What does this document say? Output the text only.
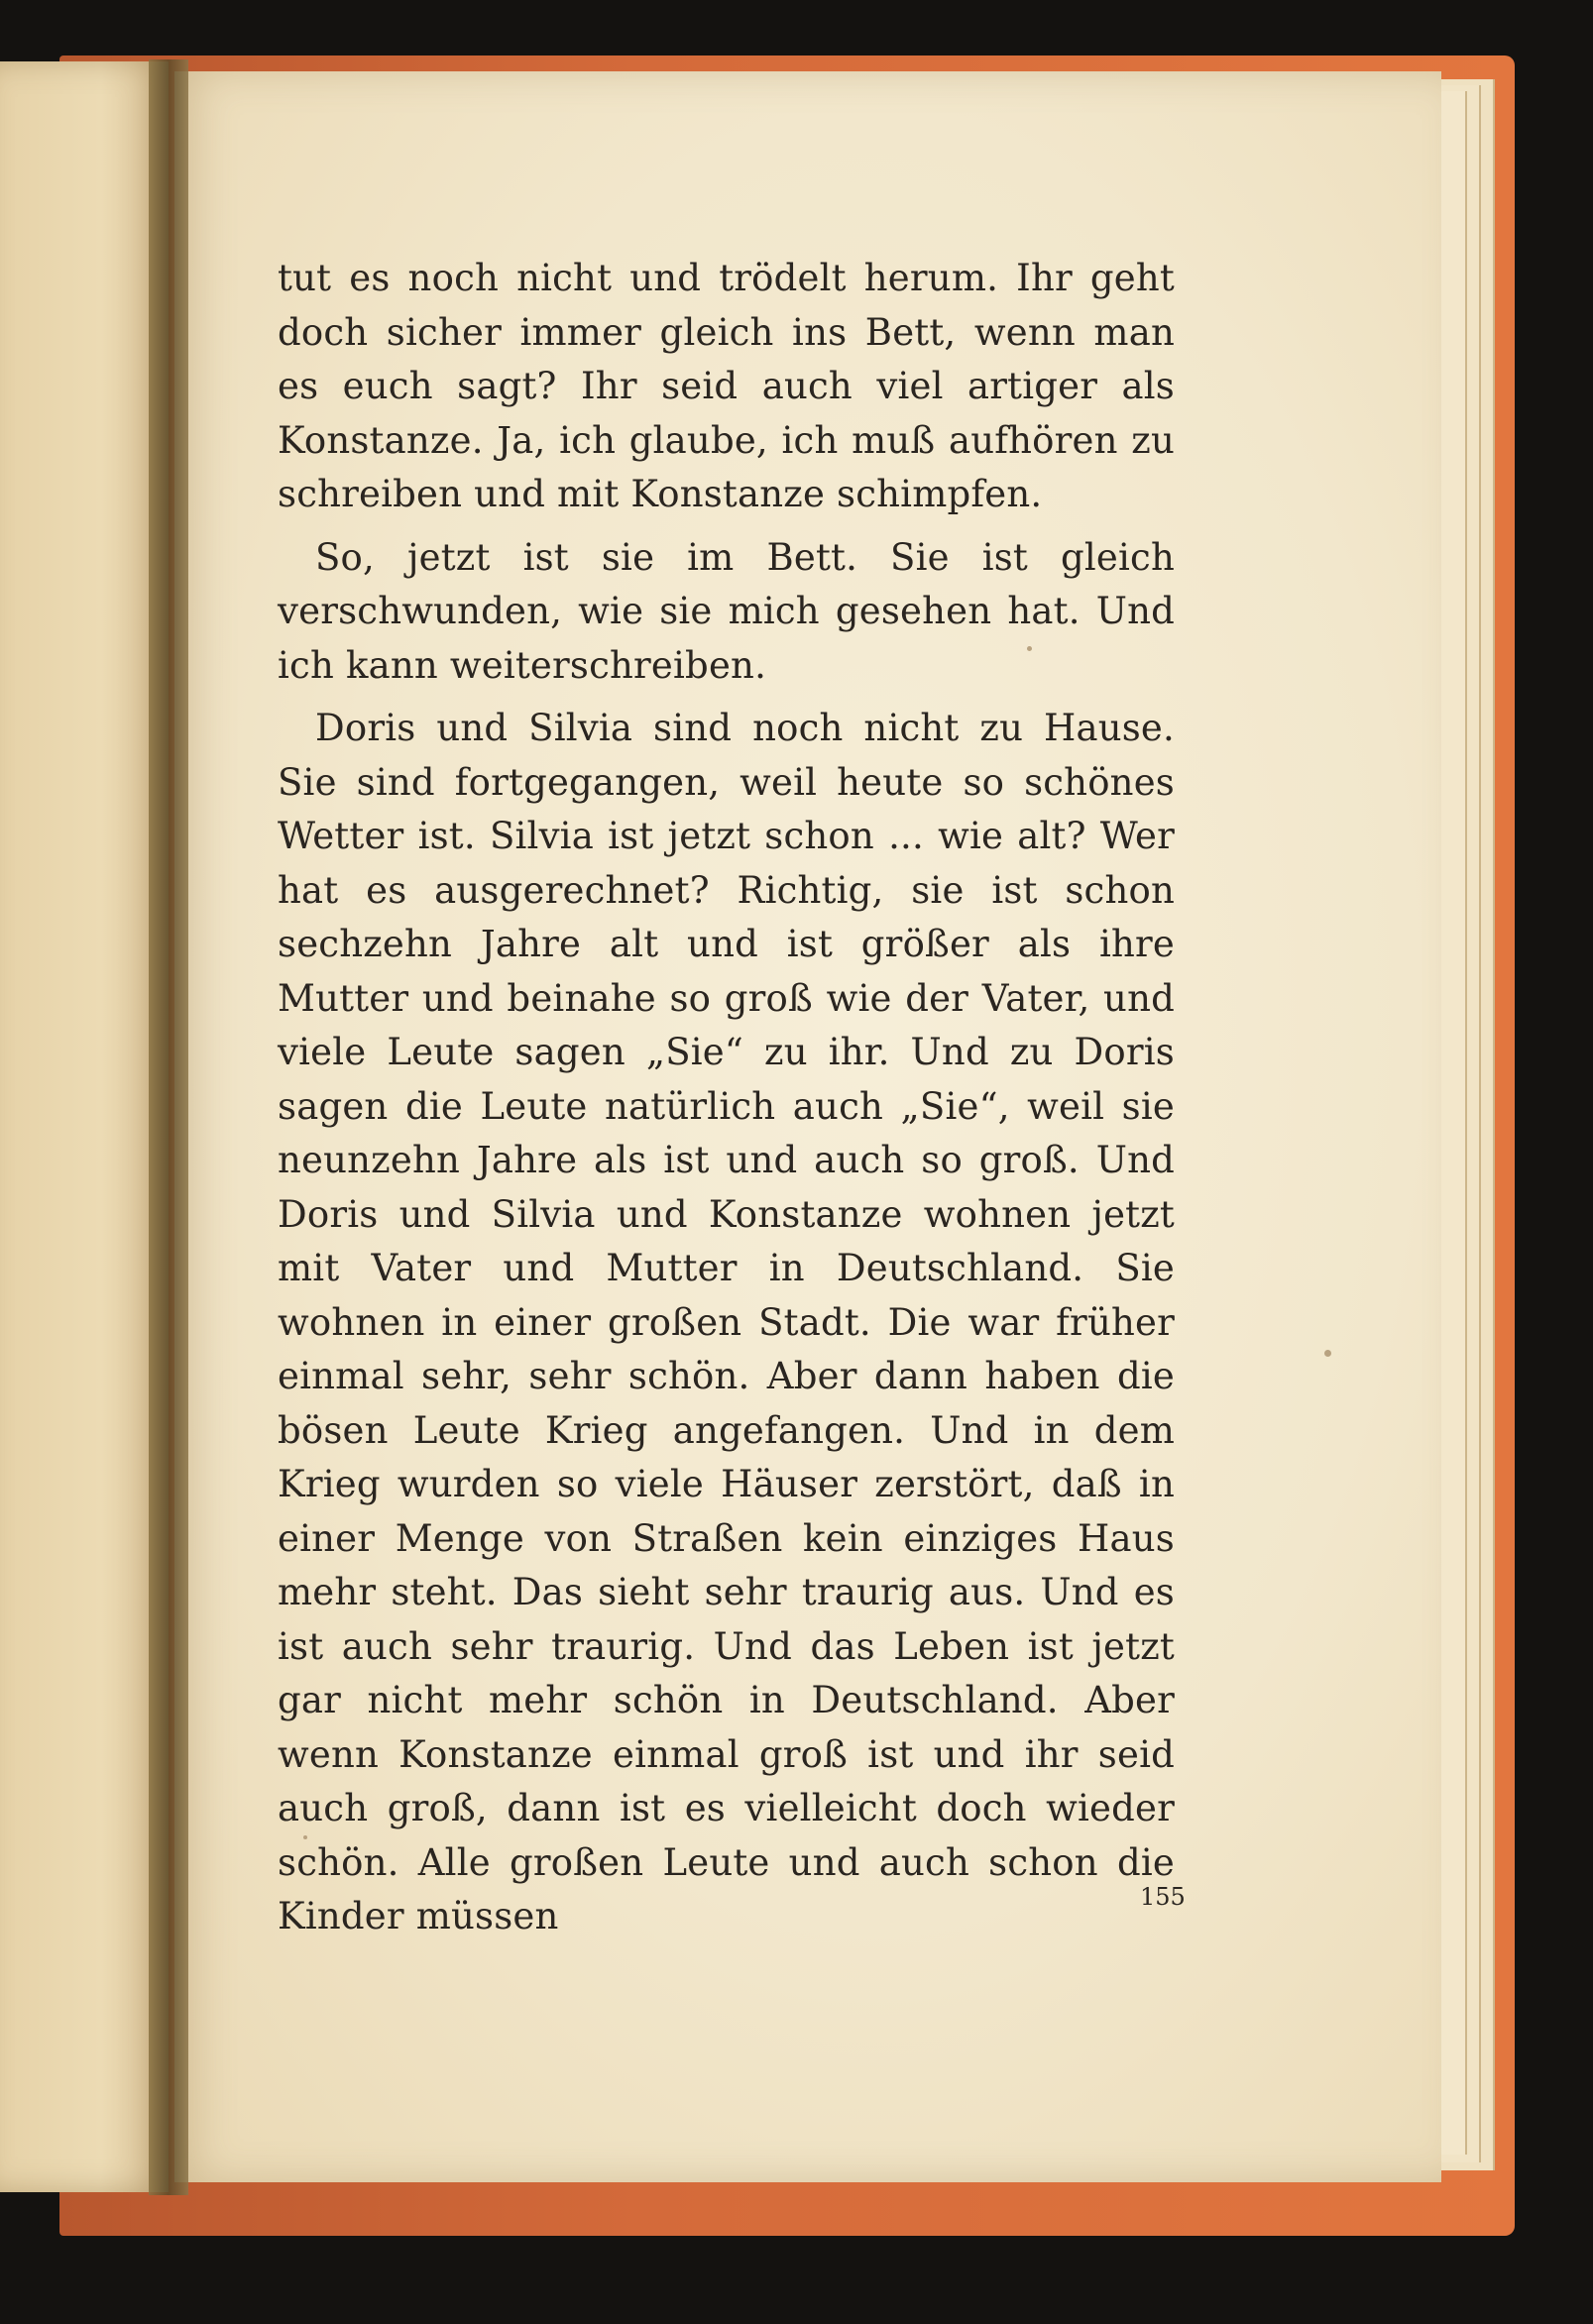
tut es noch nicht und trödelt herum. Ihr geht doch sicher immer gleich ins Bett, wenn man es euch sagt? Ihr seid auch viel artiger als Konstanze. Ja, ich glaube, ich muß aufhören zu schreiben und mit Konstanze schimpfen.

So, jetzt ist sie im Bett. Sie ist gleich verschwunden, wie sie mich gesehen hat. Und ich kann weiterschreiben.

Doris und Silvia sind noch nicht zu Hause. Sie sind fortgegangen, weil heute so schönes Wetter ist. Silvia ist jetzt schon ... wie alt? Wer hat es ausgerechnet? Richtig, sie ist schon sechzehn Jahre alt und ist größer als ihre Mutter und beinahe so groß wie der Vater, und viele Leute sagen „Sie“ zu ihr. Und zu Doris sagen die Leute natürlich auch „Sie“, weil sie neunzehn Jahre als ist und auch so groß. Und Doris und Silvia und Konstanze wohnen jetzt mit Vater und Mutter in Deutschland. Sie wohnen in einer großen Stadt. Die war früher einmal sehr, sehr schön. Aber dann haben die bösen Leute Krieg angefangen. Und in dem Krieg wurden so viele Häuser zerstört, daß in einer Menge von Straßen kein einziges Haus mehr steht. Das sieht sehr traurig aus. Und es ist auch sehr traurig. Und das Leben ist jetzt gar nicht mehr schön in Deutschland. Aber wenn Konstanze einmal groß ist und ihr seid auch groß, dann ist es vielleicht doch wieder schön. Alle großen Leute und auch schon die Kinder müssen	155
